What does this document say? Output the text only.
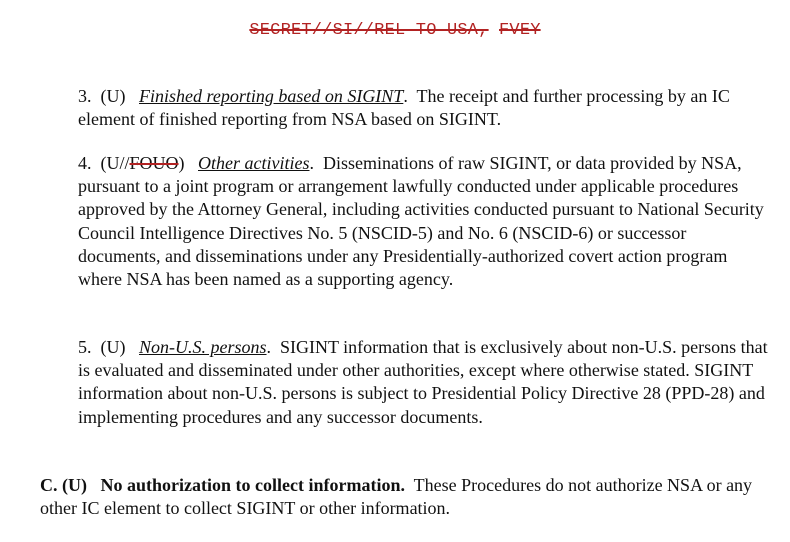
SECRET//SI//REL TO USA, FVEY
3. (U) Finished reporting based on SIGINT. The receipt and further processing by an IC element of finished reporting from NSA based on SIGINT.
4. (U//FOUO) Other activities. Disseminations of raw SIGINT, or data provided by NSA, pursuant to a joint program or arrangement lawfully conducted under applicable procedures approved by the Attorney General, including activities conducted pursuant to National Security Council Intelligence Directives No. 5 (NSCID-5) and No. 6 (NSCID-6) or successor documents, and disseminations under any Presidentially-authorized covert action program where NSA has been named as a supporting agency.
5. (U) Non-U.S. persons. SIGINT information that is exclusively about non-U.S. persons that is evaluated and disseminated under other authorities, except where otherwise stated. SIGINT information about non-U.S. persons is subject to Presidential Policy Directive 28 (PPD-28) and implementing procedures and any successor documents.
C. (U) No authorization to collect information. These Procedures do not authorize NSA or any other IC element to collect SIGINT or other information.
